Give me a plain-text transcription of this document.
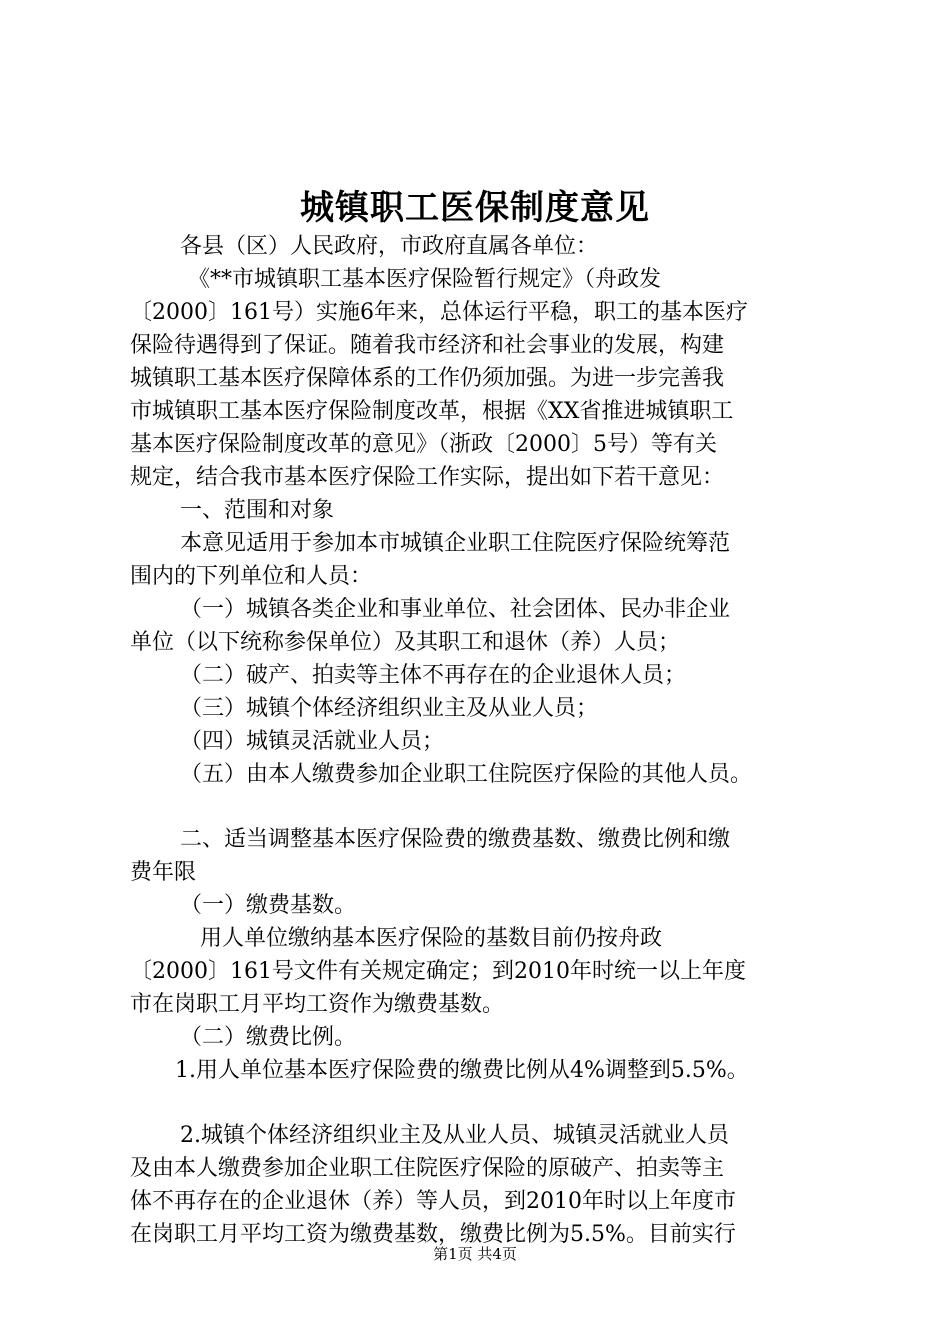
城镇职工医保制度意见
各县（区）人民政府，市政府直属各单位：
《**市城镇职工基本医疗保险暂行规定》（舟政发
〔2000〕161号）实施6年来，总体运行平稳，职工的基本医疗
保险待遇得到了保证。随着我市经济和社会事业的发展，构建
城镇职工基本医疗保障体系的工作仍须加强。为进一步完善我
市城镇职工基本医疗保险制度改革，根据《XX省推进城镇职工
基本医疗保险制度改革的意见》（浙政〔2000〕5号）等有关
规定，结合我市基本医疗保险工作实际，提出如下若干意见：
一、范围和对象
本意见适用于参加本市城镇企业职工住院医疗保险统筹范
围内的下列单位和人员：
（一）城镇各类企业和事业单位、社会团体、民办非企业
单位（以下统称参保单位）及其职工和退休（养）人员；
（二）破产、拍卖等主体不再存在的企业退休人员；
（三）城镇个体经济组织业主及从业人员；
（四）城镇灵活就业人员；
（五）由本人缴费参加企业职工住院医疗保险的其他人员。
二、适当调整基本医疗保险费的缴费基数、缴费比例和缴
费年限
（一）缴费基数。
用人单位缴纳基本医疗保险的基数目前仍按舟政
〔2000〕161号文件有关规定确定；到2010年时统一以上年度
市在岗职工月平均工资作为缴费基数。
（二）缴费比例。
1.用人单位基本医疗保险费的缴费比例从4%调整到5.5%。
2.城镇个体经济组织业主及从业人员、城镇灵活就业人员
及由本人缴费参加企业职工住院医疗保险的原破产、拍卖等主
体不再存在的企业退休（养）等人员，到2010年时以上年度市
在岗职工月平均工资为缴费基数，缴费比例为5.5%。目前实行
第1页 共4页
